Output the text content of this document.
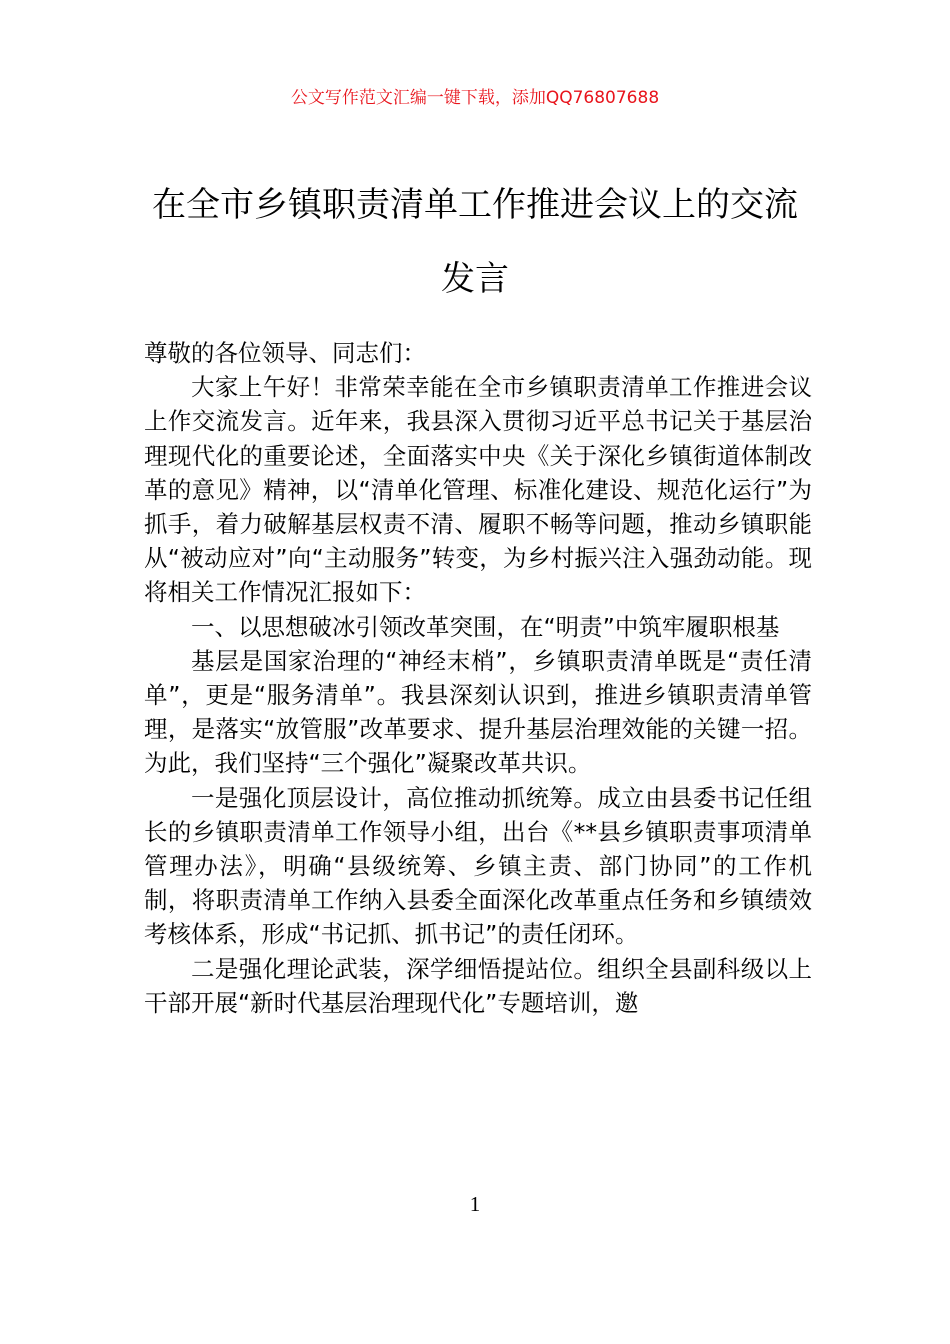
公文写作范文汇编一键下载，添加QQ76807688
在全市乡镇职责清单工作推进会议上的交流发言

尊敬的各位领导、同志们：

大家上午好！非常荣幸能在全市乡镇职责清单工作推进会议上作交流发言。近年来，我县深入贯彻习近平总书记关于基层治理现代化的重要论述，全面落实中央《关于深化乡镇街道体制改革的意见》精神，以“清单化管理、标准化建设、规范化运行”为抓手，着力破解基层权责不清、履职不畅等问题，推动乡镇职能从“被动应对”向“主动服务”转变，为乡村振兴注入强劲动能。现将相关工作情况汇报如下：

一、以思想破冰引领改革突围，在“明责”中筑牢履职根基

基层是国家治理的“神经末梢”，乡镇职责清单既是“责任清单”，更是“服务清单”。我县深刻认识到，推进乡镇职责清单管理，是落实“放管服”改革要求、提升基层治理效能的关键一招。为此，我们坚持“三个强化”凝聚改革共识。

一是强化顶层设计，高位推动抓统筹。成立由县委书记任组长的乡镇职责清单工作领导小组，出台《**县乡镇职责事项清单管理办法》，明确“县级统筹、乡镇主责、部门协同”的工作机制，将职责清单工作纳入县委全面深化改革重点任务和乡镇绩效考核体系，形成“书记抓、抓书记”的责任闭环。

二是强化理论武装，深学细悟提站位。组织全县副科级以上干部开展“新时代基层治理现代化”专题培训，邀

1
